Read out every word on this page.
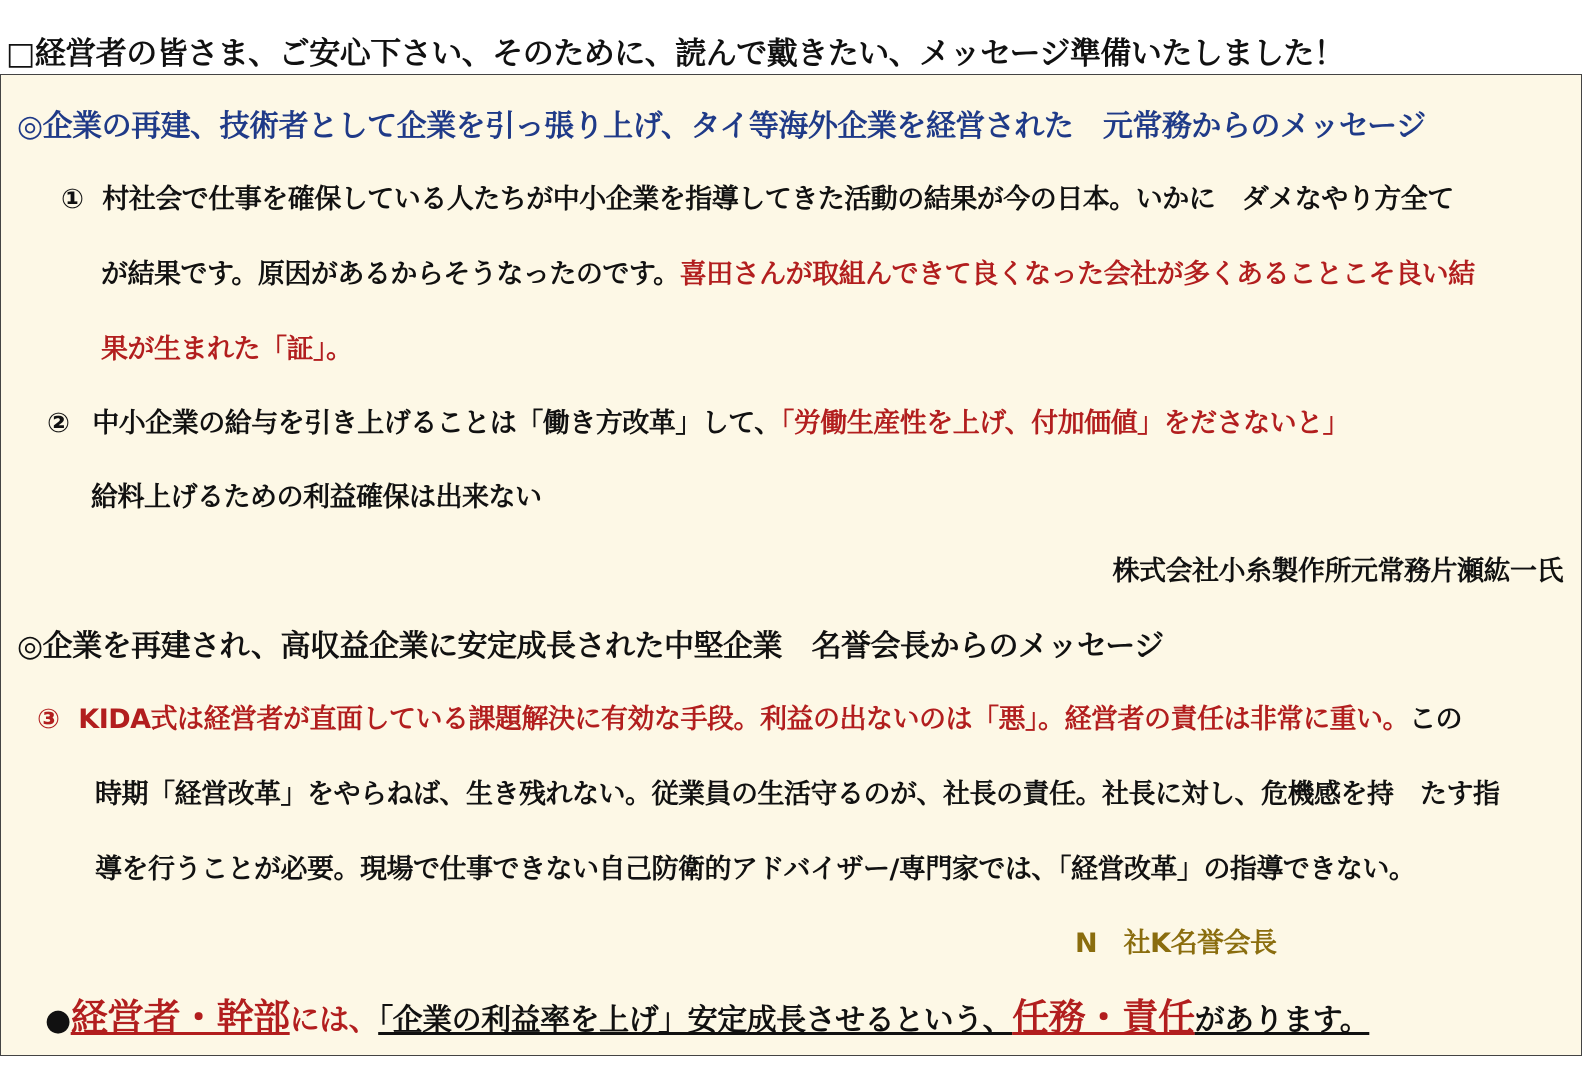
□経営者の皆さま、ご安心下さい、そのために、読んで戴きたい、メッセージ準備いたしました！
◎企業の再建、技術者として企業を引っ張り上げ、タイ等海外企業を経営された　元常務からのメッセージ
① 村社会で仕事を確保している人たちが中小企業を指導してきた活動の結果が今の日本。いかに　ダメなやり方全て
が結果です。原因があるからそうなったのです。喜田さんが取組んできて良くなった会社が多くあることこそ良い結
果が生まれた「証」。
② 中小企業の給与を引き上げることは「働き方改革」して、「労働生産性を上げ、付加価値」をださないと」
給料上げるための利益確保は出来ない
株式会社小糸製作所元常務片瀬紘一氏
◎企業を再建され、高収益企業に安定成長された中堅企業　名誉会長からのメッセージ
③ KIDA式は経営者が直面している課題解決に有効な手段。利益の出ないのは「悪」。経営者の責任は非常に重い。この
時期「経営改革」をやらねば、生き残れない。従業員の生活守るのが、社長の責任。社長に対し、危機感を持　たす指
導を行うことが必要。現場で仕事できない自己防衛的アドバイザー/専門家では、「経営改革」の指導できない。
N　社K名誉会長
●経営者・幹部には、「企業の利益率を上げ」安定成長させるという、任務・責任があります。
